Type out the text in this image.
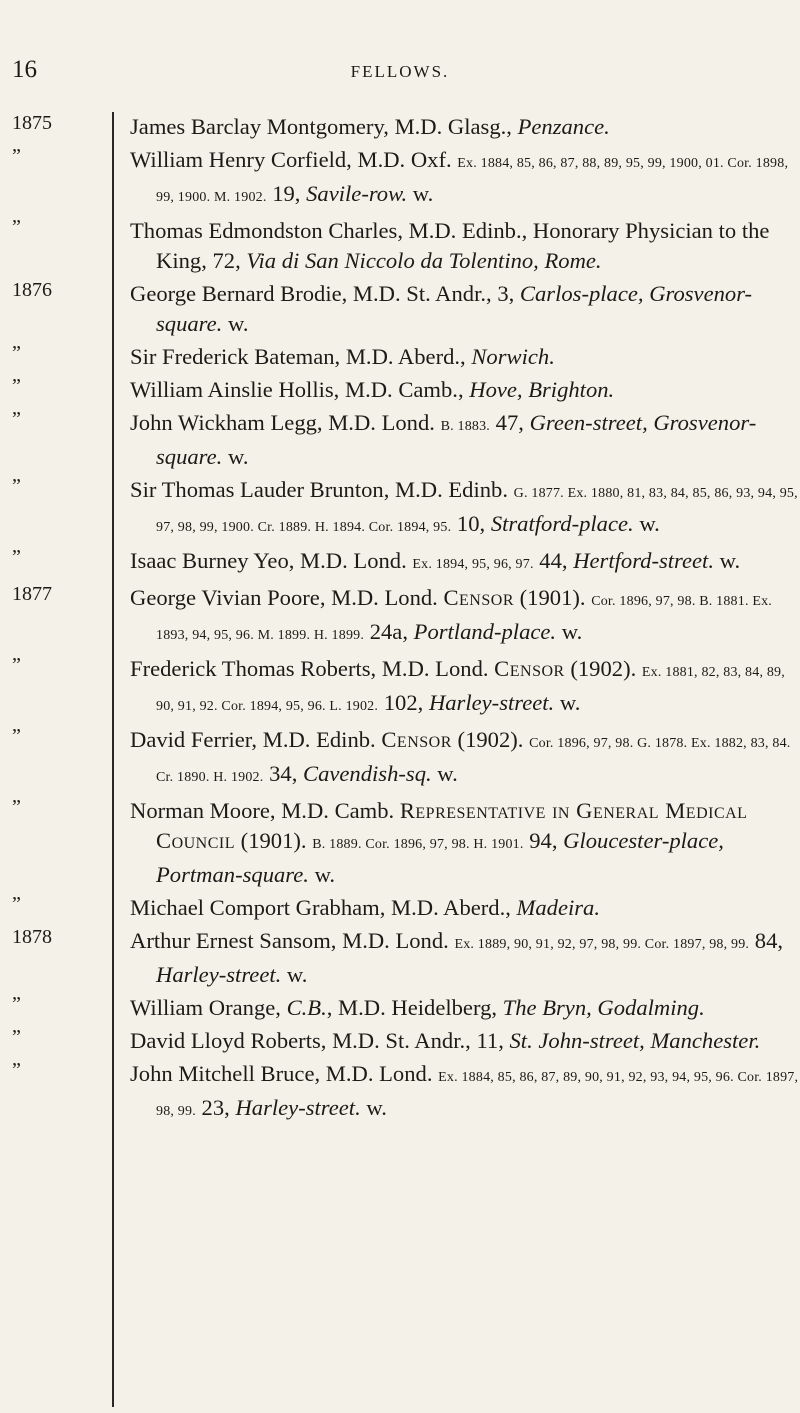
16	FELLOWS.
1875	James Barclay Montgomery, M.D. Glasg., Penzance.
”	William Henry Corfield, M.D. Oxf. Ex. 1884, 85, 86, 87, 88, 89, 95, 99, 1900, 01. Cor. 1898, 99, 1900. M. 1902. 19, Savile-row. w.
”	Thomas Edmondston Charles, M.D. Edinb., Honorary Physician to the King, 72, Via di San Niccolo da Tolentino, Rome.
1876	George Bernard Brodie, M.D. St. Andr., 3, Carlos-place, Grosvenor-square. w.
”	Sir Frederick Bateman, M.D. Aberd., Norwich.
”	William Ainslie Hollis, M.D. Camb., Hove, Brighton.
”	John Wickham Legg, M.D. Lond. B. 1883. 47, Green-street, Grosvenor-square. w.
”	Sir Thomas Lauder Brunton, M.D. Edinb. G. 1877. Ex. 1880, 81, 83, 84, 85, 86, 93, 94, 95, 97, 98, 99, 1900. Cr. 1889. H. 1894. Cor. 1894, 95. 10, Stratford-place. w.
”	Isaac Burney Yeo, M.D. Lond. Ex. 1894, 95, 96, 97. 44, Hertford-street. w.
1877	George Vivian Poore, M.D. Lond. Censor (1901). Cor. 1896, 97, 98. B. 1881. Ex. 1893, 94, 95, 96. M. 1899. H. 1899. 24a, Portland-place. w.
”	Frederick Thomas Roberts, M.D. Lond. Censor (1902). Ex. 1881, 82, 83, 84, 89, 90, 91, 92. Cor. 1894, 95, 96. L. 1902. 102, Harley-street. w.
”	David Ferrier, M.D. Edinb. Censor (1902). Cor. 1896, 97, 98. G. 1878. Ex. 1882, 83, 84. Cr. 1890. H. 1902. 34, Cavendish-sq. w.
”	Norman Moore, M.D. Camb. Representative in General Medical Council (1901). B. 1889. Cor. 1896, 97, 98. H. 1901. 94, Gloucester-place, Portman-square. w.
”	Michael Comport Grabham, M.D. Aberd., Madeira.
1878	Arthur Ernest Sansom, M.D. Lond. Ex. 1889, 90, 91, 92, 97, 98, 99. Cor. 1897, 98, 99. 84, Harley-street. w.
”	William Orange, C.B., M.D. Heidelberg, The Bryn, Godalming.
”	David Lloyd Roberts, M.D. St. Andr., 11, St. John-street, Manchester.
”	John Mitchell Bruce, M.D. Lond. Ex. 1884, 85, 86, 87, 89, 90, 91, 92, 93, 94, 95, 96. Cor. 1897, 98, 99. 23, Harley-street. w.
